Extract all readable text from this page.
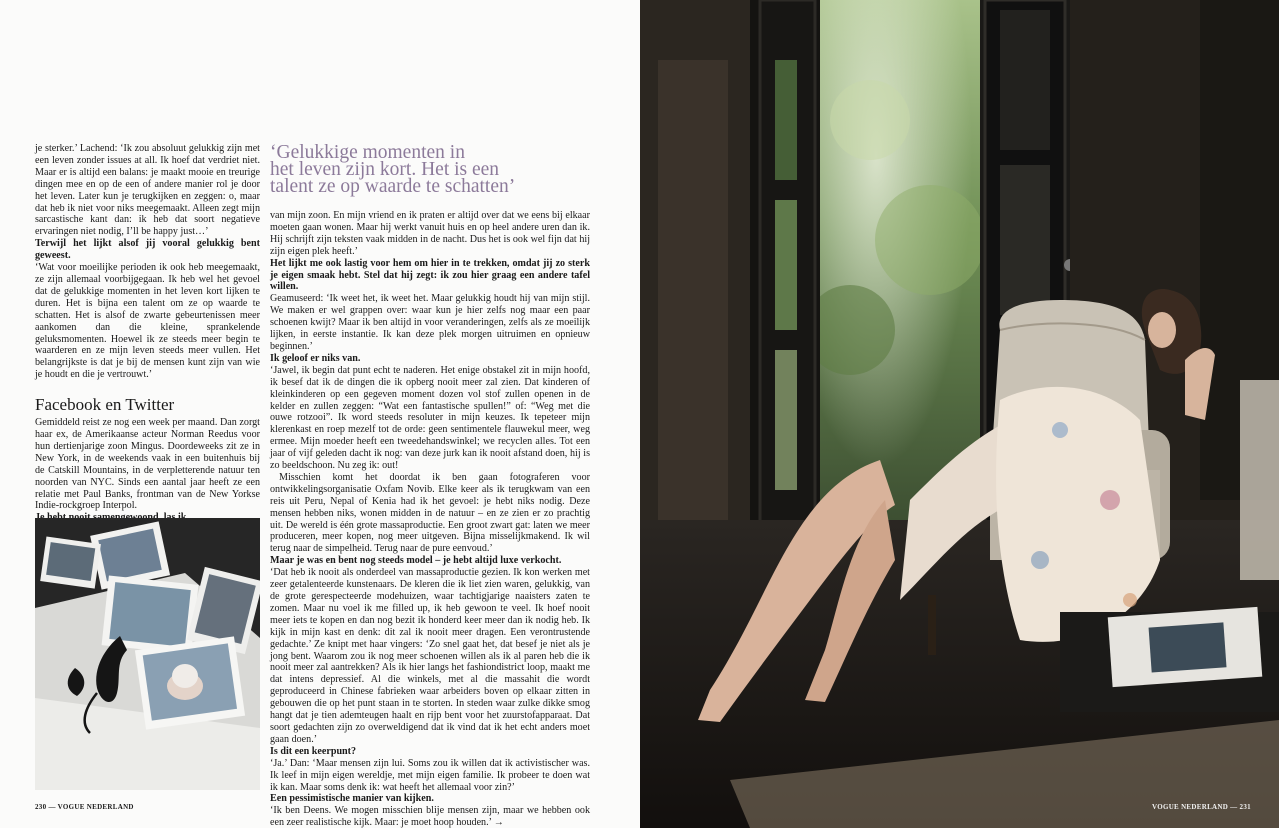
‘Gelukkige momenten in
het leven zijn kort. Het is een
talent ze op waarde te schatten’

je sterker.’ Lachend: ‘Ik zou absoluut gelukkig zijn met een leven zonder issues at all. Ik hoef dat verdriet niet. Maar er is altijd een balans: je maakt mooie en treurige dingen mee en op de een of andere manier rol je door het leven. Later kun je terugkijken en zeggen: o, maar dat heb ik niet voor niks meegemaakt. Alleen zegt mijn sarcastische kant dan: ik heb dat soort negatieve ervaringen niet nodig, I’ll be happy just…’

Terwijl het lijkt alsof jij vooral gelukkig bent geweest.

‘Wat voor moeilijke perioden ik ook heb meegemaakt, ze zijn allemaal voorbijgegaan. Ik heb wel het gevoel dat de gelukkige momenten in het leven kort lijken te duren. Het is bijna een talent om ze op waarde te schatten. Het is alsof de zwarte gebeurtenissen meer aankomen dan die kleine, sprankelende geluksmomenten. Hoewel ik ze steeds meer begin te waarderen en ze mijn leven steeds meer vullen. Het belangrijkste is dat je bij de mensen kunt zijn van wie je houdt en die je vertrouwt.’

Facebook en Twitter

Gemiddeld reist ze nog een week per maand. Dan zorgt haar ex, de Amerikaanse acteur Norman Reedus voor hun dertienjarige zoon Mingus. Doordeweeks zit ze in New York, in de weekends vaak in een buitenhuis bij de Catskill Mountains, in de verpletterende natuur ten noorden van NYC. Sinds een aantal jaar heeft ze een relatie met Paul Banks, frontman van de New Yorkse Indie-rockgroep Interpol.

van mijn zoon. En mijn vriend en ik praten er altijd over dat we eens bij elkaar moeten gaan wonen. Maar hij werkt vanuit huis en op heel andere uren dan ik. Hij schrijft zijn teksten vaak midden in de nacht. Dus het is ook wel fijn dat hij zijn eigen plek heeft.’

Het lijkt me ook lastig voor hem om hier in te trekken, omdat jij zo sterk je eigen smaak hebt. Stel dat hij zegt: ik zou hier graag een andere tafel willen.

Geamuseerd: ‘Ik weet het, ik weet het. Maar gelukkig houdt hij van mijn stijl. We maken er wel grappen over: waar kun je hier zelfs nog maar een paar schoenen kwijt? Maar ik ben altijd in voor veranderingen, zelfs als ze moeilijk lijken, in eerste instantie. Ik kan deze plek morgen uitruimen en opnieuw beginnen.’

Ik geloof er niks van.

‘Jawel, ik begin dat punt echt te naderen. Het enige obstakel zit in mijn hoofd, ik besef dat ik de dingen die ik opberg nooit meer zal zien. Dat kinderen of kleinkinderen op een gegeven moment dozen vol stof zullen openen in de kelder en zullen zeggen: “Wat een fantastische spullen!” of: “Weg met die ouwe rotzooi”. Ik word steeds resoluter in mijn keuzes. Ik tepeteer mijn klerenkast en roep mezelf tot de orde: geen sentimentele flauwekul meer, weg ermee. Mijn moeder heeft een tweedehandswinkel; we recyclen alles. Tot een jaar of vijf geleden dacht ik nog: van deze jurk kan ik nooit afstand doen, hij is zo beeldschoon. Nu zeg ik: out!

Misschien komt het doordat ik ben gaan fotograferen voor ontwikkelingsorganisatie Oxfam Novib. Elke keer als ik terugkwam van een reis uit Peru, Nepal of Kenia had ik het gevoel: je hebt niks nodig. Deze mensen hebben niks, wonen midden in de natuur – en ze zien er zo prachtig uit. De wereld is één grote massaproductie. Een groot zwart gat: laten we meer produceren, meer kopen, nog meer uitgeven. Bijna misselijkmakend. Ik wil terug naar de simpelheid. Terug naar de pure eenvoud.’

Maar je was en bent nog steeds model – je hebt altijd luxe verkocht.

‘Dat heb ik nooit als onderdeel van massaproductie gezien. Ik kon werken met zeer getalenteerde kunstenaars. De kleren die ik liet zien waren, gelukkig, van de grote gerespecteerde modehuizen, waar tachtigjarige naaisters zaten te zomen. Maar nu voel ik me filled up, ik heb gewoon te veel. Ik hoef nooit meer iets te kopen en dan nog bezit ik honderd keer meer dan ik nodig heb. Ik kijk in mijn kast en denk: dit zal ik nooit meer dragen. Een verontrustende gedachte.’ Ze knipt met haar vingers: ‘Zo snel gaat het, dat besef je niet als je jong bent. Waarom zou ik nog meer schoenen willen als ik al paren heb die ik nooit meer zal aantrekken? Als ik hier langs het fashiondistrict loop, maakt me dat intens depressief. Al die winkels, met al die massahit die wordt geproduceerd in Chinese fabrieken waar arbeiders boven op elkaar zitten in gebouwen die op het punt staan in te storten. In steden waar zulke dikke smog hangt dat je tien ademteugen haalt en rijp bent voor het zuurstofapparaat. Dat soort gedachten zijn zo overweldigend dat ik vind dat ik het echt anders moet gaan doen.’

Is dit een keerpunt?

‘Ja.’ Dan: ‘Maar mensen zijn lui. Soms zou ik willen dat ik activistischer was. Ik leef in mijn eigen wereldje, met mijn eigen familie. Ik probeer te doen wat ik kan. Maar soms denk ik: wat heeft het allemaal voor zin?’

Een pessimistische manier van kijken.

‘Ik ben Deens. We mogen misschien blije mensen zijn, maar we hebben ook een zeer realistische kijk. Maar: je moet hoop houden.’ →

230 — VOGUE NEDERLAND	VOGUE NEDERLAND — 231
